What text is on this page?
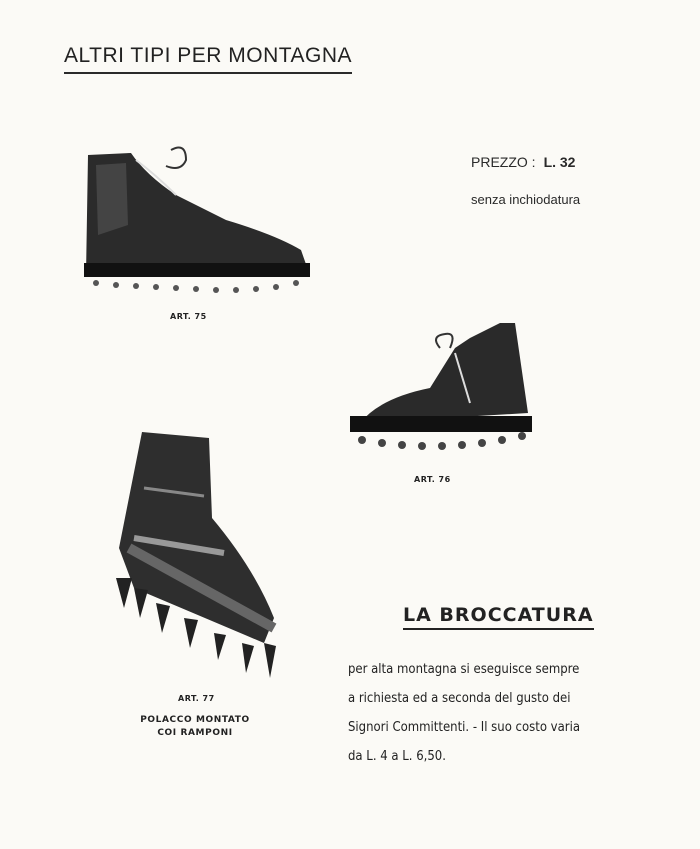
ALTRI TIPI PER MONTAGNA
ART. 75
PREZZO : L. 32
senza inchiodatura
ART. 76
ART. 77
POLACCO MONTATO
COI RAMPONI
LA BROCCATURA
per alta montagna si eseguisce sempre
a richiesta ed a seconda del gusto dei
Signori Committenti. - Il suo costo varia
da L. 4 a L. 6,50.
